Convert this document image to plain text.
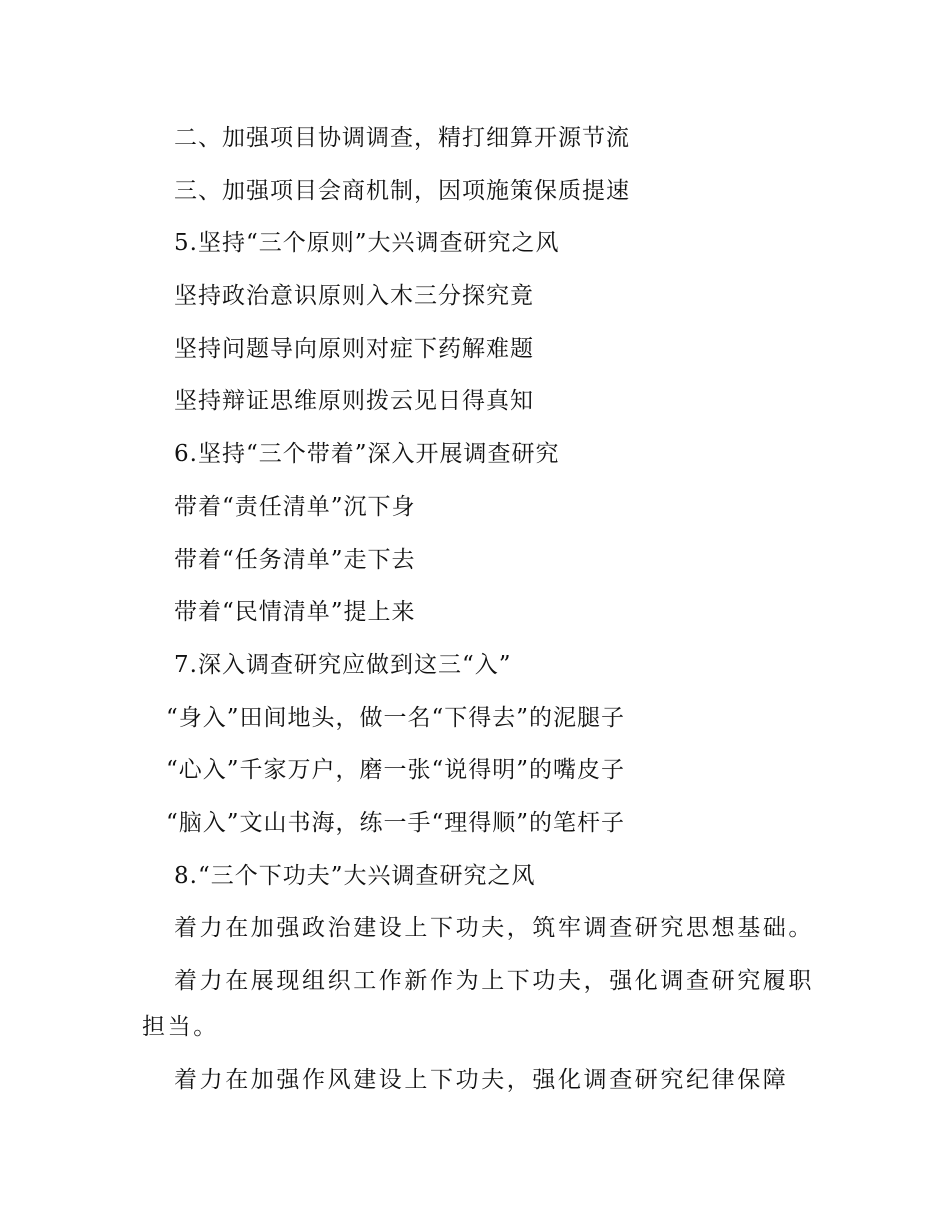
二、加强项目协调调查，精打细算开源节流
三、加强项目会商机制，因项施策保质提速
5.坚持“三个原则”大兴调查研究之风
坚持政治意识原则入木三分探究竟
坚持问题导向原则对症下药解难题
坚持辩证思维原则拨云见日得真知
6.坚持“三个带着”深入开展调查研究
带着“责任清单”沉下身
带着“任务清单”走下去
带着“民情清单”提上来
7.深入调查研究应做到这三“入”
“身入”田间地头，做一名“下得去”的泥腿子
“心入”千家万户，磨一张“说得明”的嘴皮子
“脑入”文山书海，练一手“理得顺”的笔杆子
8.“三个下功夫”大兴调查研究之风
着力在加强政治建设上下功夫，筑牢调查研究思想基础。
着力在展现组织工作新作为上下功夫，强化调查研究履职
担当。
着力在加强作风建设上下功夫，强化调查研究纪律保障
